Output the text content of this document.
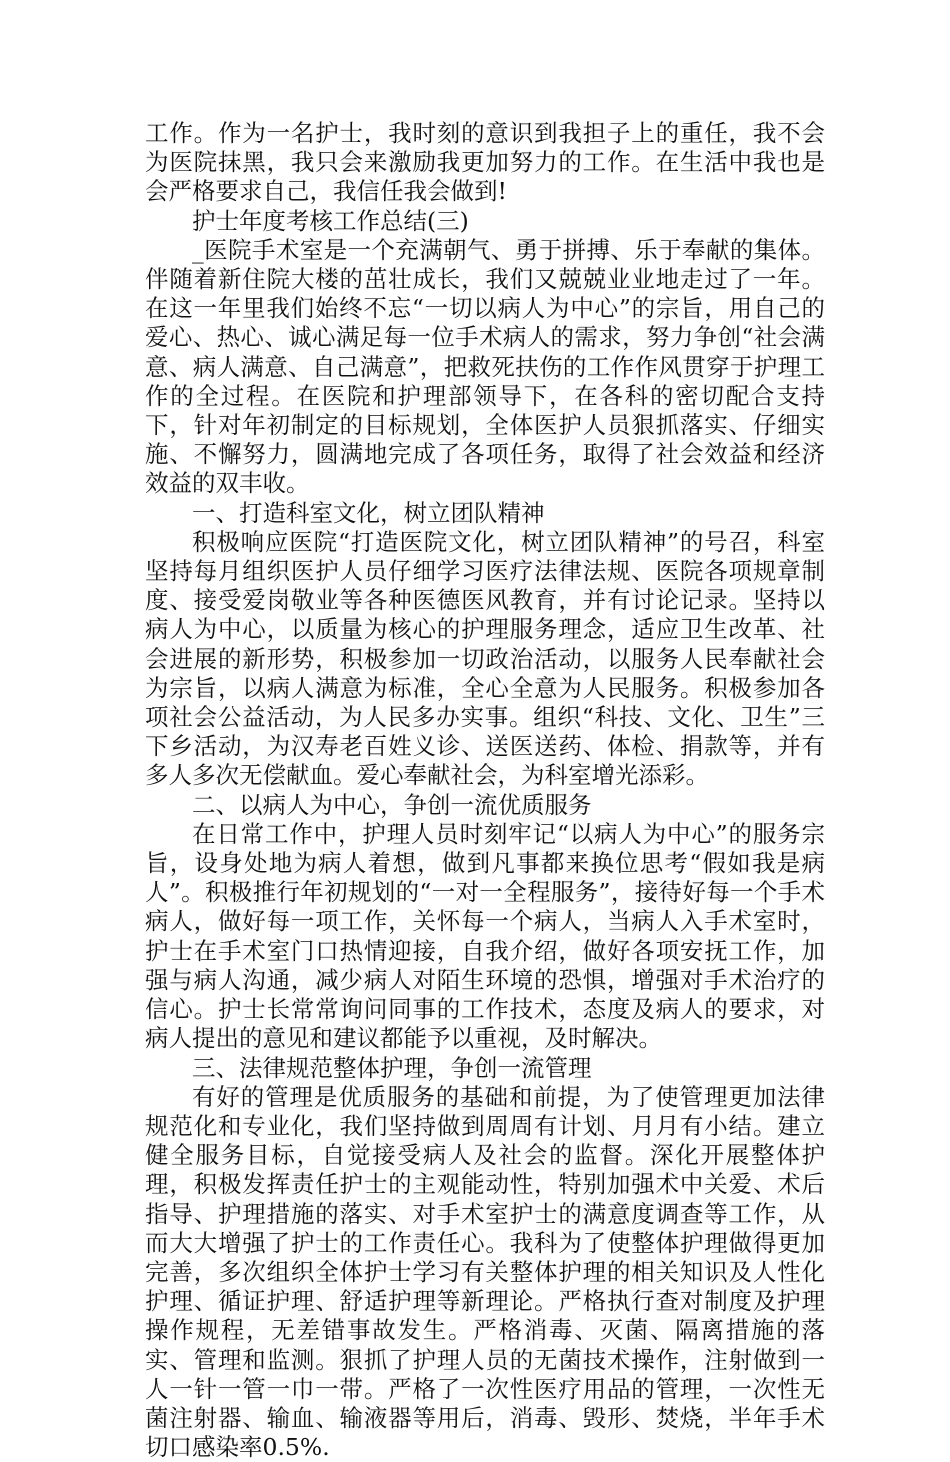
工作。作为一名护士，我时刻的意识到我担子上的重任，我不会为医院抹黑，我只会来激励我更加努力的工作。在生活中我也是会严格要求自己，我信任我会做到!

护士年度考核工作总结(三)

_医院手术室是一个充满朝气、勇于拼搏、乐于奉献的集体。伴随着新住院大楼的茁壮成长，我们又兢兢业业地走过了一年。在这一年里我们始终不忘“一切以病人为中心”的宗旨，用自己的爱心、热心、诚心满足每一位手术病人的需求，努力争创“社会满意、病人满意、自己满意”，把救死扶伤的工作作风贯穿于护理工作的全过程。在医院和护理部领导下，在各科的密切配合支持下，针对年初制定的目标规划，全体医护人员狠抓落实、仔细实施、不懈努力，圆满地完成了各项任务，取得了社会效益和经济效益的双丰收。

一、打造科室文化，树立团队精神

积极响应医院“打造医院文化，树立团队精神”的号召，科室坚持每月组织医护人员仔细学习医疗法律法规、医院各项规章制度、接受爱岗敬业等各种医德医风教育，并有讨论记录。坚持以病人为中心，以质量为核心的护理服务理念，适应卫生改革、社会进展的新形势，积极参加一切政治活动，以服务人民奉献社会为宗旨，以病人满意为标准，全心全意为人民服务。积极参加各项社会公益活动，为人民多办实事。组织“科技、文化、卫生”三下乡活动，为汉寿老百姓义诊、送医送药、体检、捐款等，并有多人多次无偿献血。爱心奉献社会，为科室增光添彩。

二、以病人为中心，争创一流优质服务

在日常工作中，护理人员时刻牢记“以病人为中心”的服务宗旨，设身处地为病人着想，做到凡事都来换位思考“假如我是病人”。积极推行年初规划的“一对一全程服务”，接待好每一个手术病人，做好每一项工作，关怀每一个病人，当病人入手术室时，护士在手术室门口热情迎接，自我介绍，做好各项安抚工作，加强与病人沟通，减少病人对陌生环境的恐惧，增强对手术治疗的信心。护士长常常询问同事的工作技术，态度及病人的要求，对病人提出的意见和建议都能予以重视，及时解决。

三、法律规范整体护理，争创一流管理

有好的管理是优质服务的基础和前提，为了使管理更加法律规范化和专业化，我们坚持做到周周有计划、月月有小结。建立健全服务目标，自觉接受病人及社会的监督。深化开展整体护理，积极发挥责任护士的主观能动性，特别加强术中关爱、术后指导、护理措施的落实、对手术室护士的满意度调查等工作，从而大大增强了护士的工作责任心。我科为了使整体护理做得更加完善，多次组织全体护士学习有关整体护理的相关知识及人性化护理、循证护理、舒适护理等新理论。严格执行查对制度及护理操作规程，无差错事故发生。严格消毒、灭菌、隔离措施的落实、管理和监测。狠抓了护理人员的无菌技术操作，注射做到一人一针一管一巾一带。严格了一次性医疗用品的管理，一次性无菌注射器、输血、输液器等用后，消毒、毁形、焚烧，半年手术切口感染率0.5%.
